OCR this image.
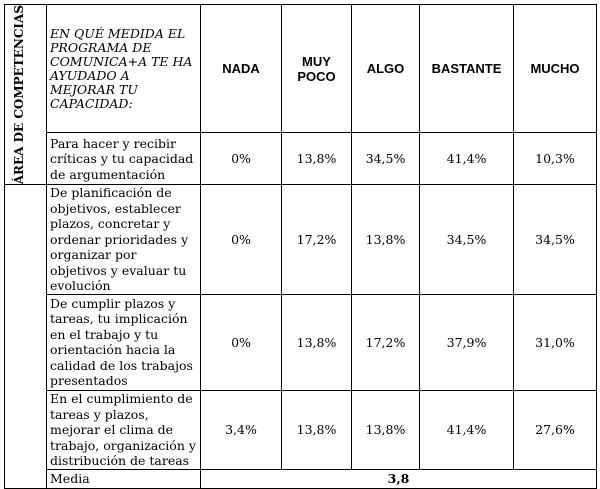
ÁREA DE COMPETENCIAS	EN QUÉ MEDIDA EL PROGRAMA DE COMUNICA+A TE HA AYUDADO A MEJORAR TU CAPACIDAD:	NADA	MUY POCO	ALGO	BASTANTE	MUCHO
	Para hacer y recibir críticas y tu capacidad de argumentación	0%	13,8%	34,5%	41,4%	10,3%
	De planificación de objetivos, establecer plazos, concretar y ordenar prioridades y organizar por objetivos y evaluar tu evolución	0%	17,2%	13,8%	34,5%	34,5%
	De cumplir plazos y tareas, tu implicación en el trabajo y tu orientación hacia la calidad de los trabajos presentados	0%	13,8%	17,2%	37,9%	31,0%
	En el cumplimiento de tareas y plazos, mejorar el clima de trabajo, organización y distribución de tareas	3,4%	13,8%	13,8%	41,4%	27,6%
	Media	3,8				
